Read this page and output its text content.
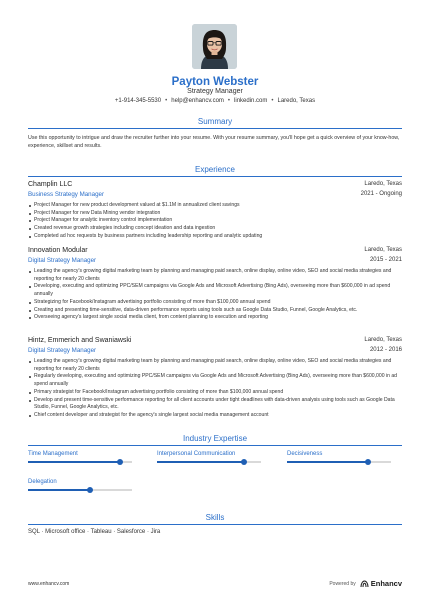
Payton Webster
Strategy Manager
+1-914-345-5530 • help@enhancv.com • linkedin.com • Laredo, Texas
Summary
Use this opportunity to intrigue and draw the recruiter further into your resume. With your resume summary, you'll hope get a quick overview of your know-how, experience, skillset and results.
Experience
Champlin LLC	Laredo, Texas
Business Strategy Manager	2021 - Ongoing
Project Manager for new product development valued at $1.1M in annualized client savings
Project Manager for new Data Mining vendor integration
Project Manager for analytic inventory control implementation
Created revenue growth strategies including concept ideation and data ingestion
Completed ad hoc requests by business partners including leadership reporting and analytic updating
Innovation Modular	Laredo, Texas
Digital Strategy Manager	2015 - 2021
Leading the agency's growing digital marketing team by planning and managing paid search, online display, online video, SEO and social media strategies and reporting for nearly 20 clients
Developing, executing and optimizing PPC/SEM campaigns via Google Ads and Microsoft Advertising (Bing Ads), overseeing more than $600,000 in ad spend annually
Strategizing for Facebook/Instagram advertising portfolio consisting of more than $100,000 annual spend
Creating and presenting time-sensitive, data-driven performance reports using tools such as Google Data Studio, Funnel, Google Analytics, etc.
Overseeing agency's largest single social media client, from content planning to execution and reporting
Hintz, Emmerich and Swaniawski	Laredo, Texas
Digital Strategy Manager	2012 - 2016
Leading the agency's growing digital marketing team by planning and managing paid search, online display, online video, SEO and social media strategies and reporting for nearly 20 clients
Regularly developing, executing and optimizing PPC/SEM campaigns via Google Ads and Microsoft Advertising (Bing Ads), overseeing more than $600,000 in ad spend annually
Primary strategist for Facebook/Instagram advertising portfolio consisting of more than $100,000 annual spend
Develop and present time-sensitive performance reporting for all client accounts under tight deadlines with data-driven analysis using tools such as Google Data Studio, Funnel, Google Analytics, etc.
Chief content developer and strategist for the agency's single largest social media management account
Industry Expertise
Time Management	Interpersonal Communication	Decisiveness
Delegation
Skills
SQL · Microsoft office · Tableau · Salesforce · Jira
www.enhancv.com	Powered by Enhancv
